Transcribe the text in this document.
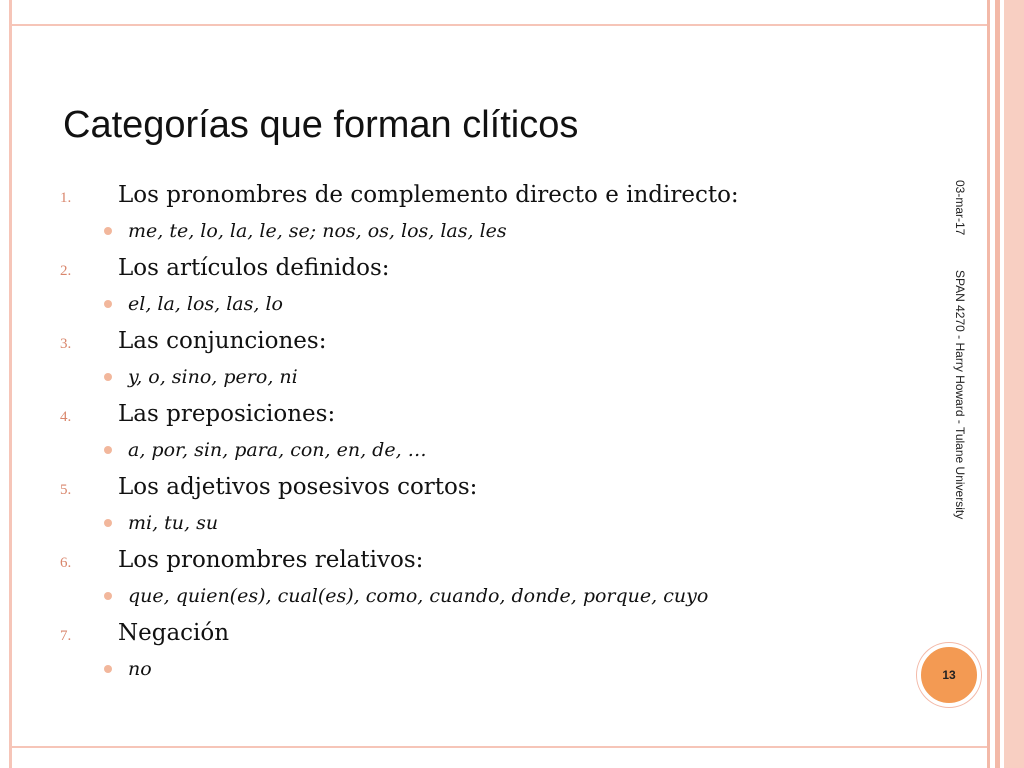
Categorías que forman clíticos
1.	Los pronombres de complemento directo e indirecto:
me, te, lo, la, le, se; nos, os, los, las, les
2.	Los artículos definidos:
el, la, los, las, lo
3.	Las conjunciones:
y, o, sino, pero, ni
4.	Las preposiciones:
a, por, sin, para, con, en, de, …
5.	Los adjetivos posesivos cortos:
mi, tu, su
6.	Los pronombres relativos:
que, quien(es), cual(es), como, cuando, donde, porque, cuyo
7.	Negación
no
03-mar-17
SPAN 4270 - Harry Howard - Tulane University
13
